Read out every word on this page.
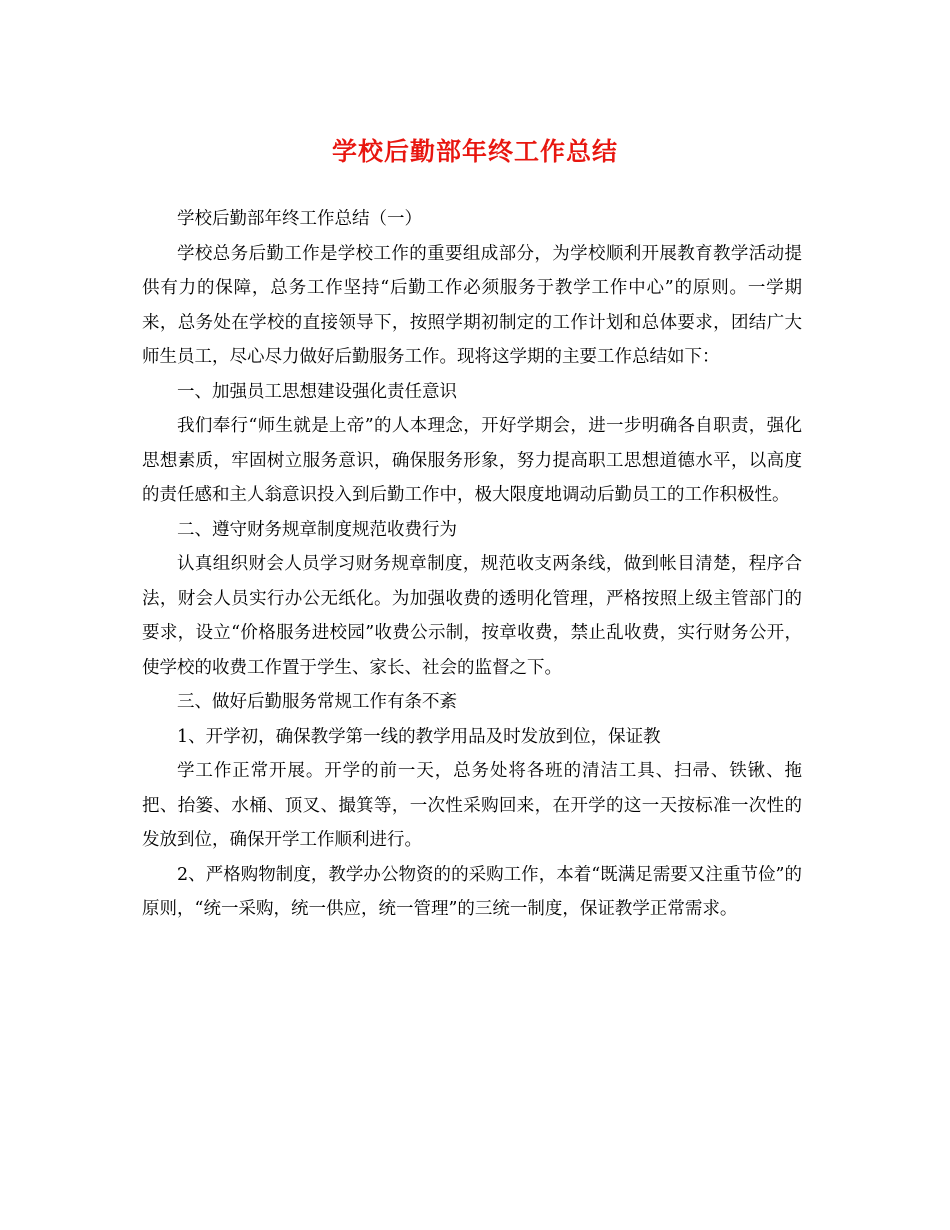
学校后勤部年终工作总结

学校后勤部年终工作总结（一）

学校总务后勤工作是学校工作的重要组成部分，为学校顺利开展教育教学活动提供有力的保障，总务工作坚持“后勤工作必须服务于教学工作中心”的原则。一学期来，总务处在学校的直接领导下，按照学期初制定的工作计划和总体要求，团结广大师生员工，尽心尽力做好后勤服务工作。现将这学期的主要工作总结如下：

一、加强员工思想建设强化责任意识

我们奉行“师生就是上帝”的人本理念，开好学期会，进一步明确各自职责，强化思想素质，牢固树立服务意识，确保服务形象，努力提高职工思想道德水平，以高度的责任感和主人翁意识投入到后勤工作中，极大限度地调动后勤员工的工作积极性。

二、遵守财务规章制度规范收费行为

认真组织财会人员学习财务规章制度，规范收支两条线，做到帐目清楚，程序合法，财会人员实行办公无纸化。为加强收费的透明化管理，严格按照上级主管部门的要求，设立“价格服务进校园”收费公示制，按章收费，禁止乱收费，实行财务公开，使学校的收费工作置于学生、家长、社会的监督之下。

三、做好后勤服务常规工作有条不紊

1、开学初，确保教学第一线的教学用品及时发放到位，保证教

学工作正常开展。开学的前一天，总务处将各班的清洁工具、扫帚、铁锹、拖把、抬篓、水桶、顶叉、撮箕等，一次性采购回来，在开学的这一天按标准一次性的发放到位，确保开学工作顺利进行。

2、严格购物制度，教学办公物资的的采购工作，本着“既满足需要又注重节俭”的原则，“统一采购，统一供应，统一管理”的三统一制度，保证教学正常需求。
